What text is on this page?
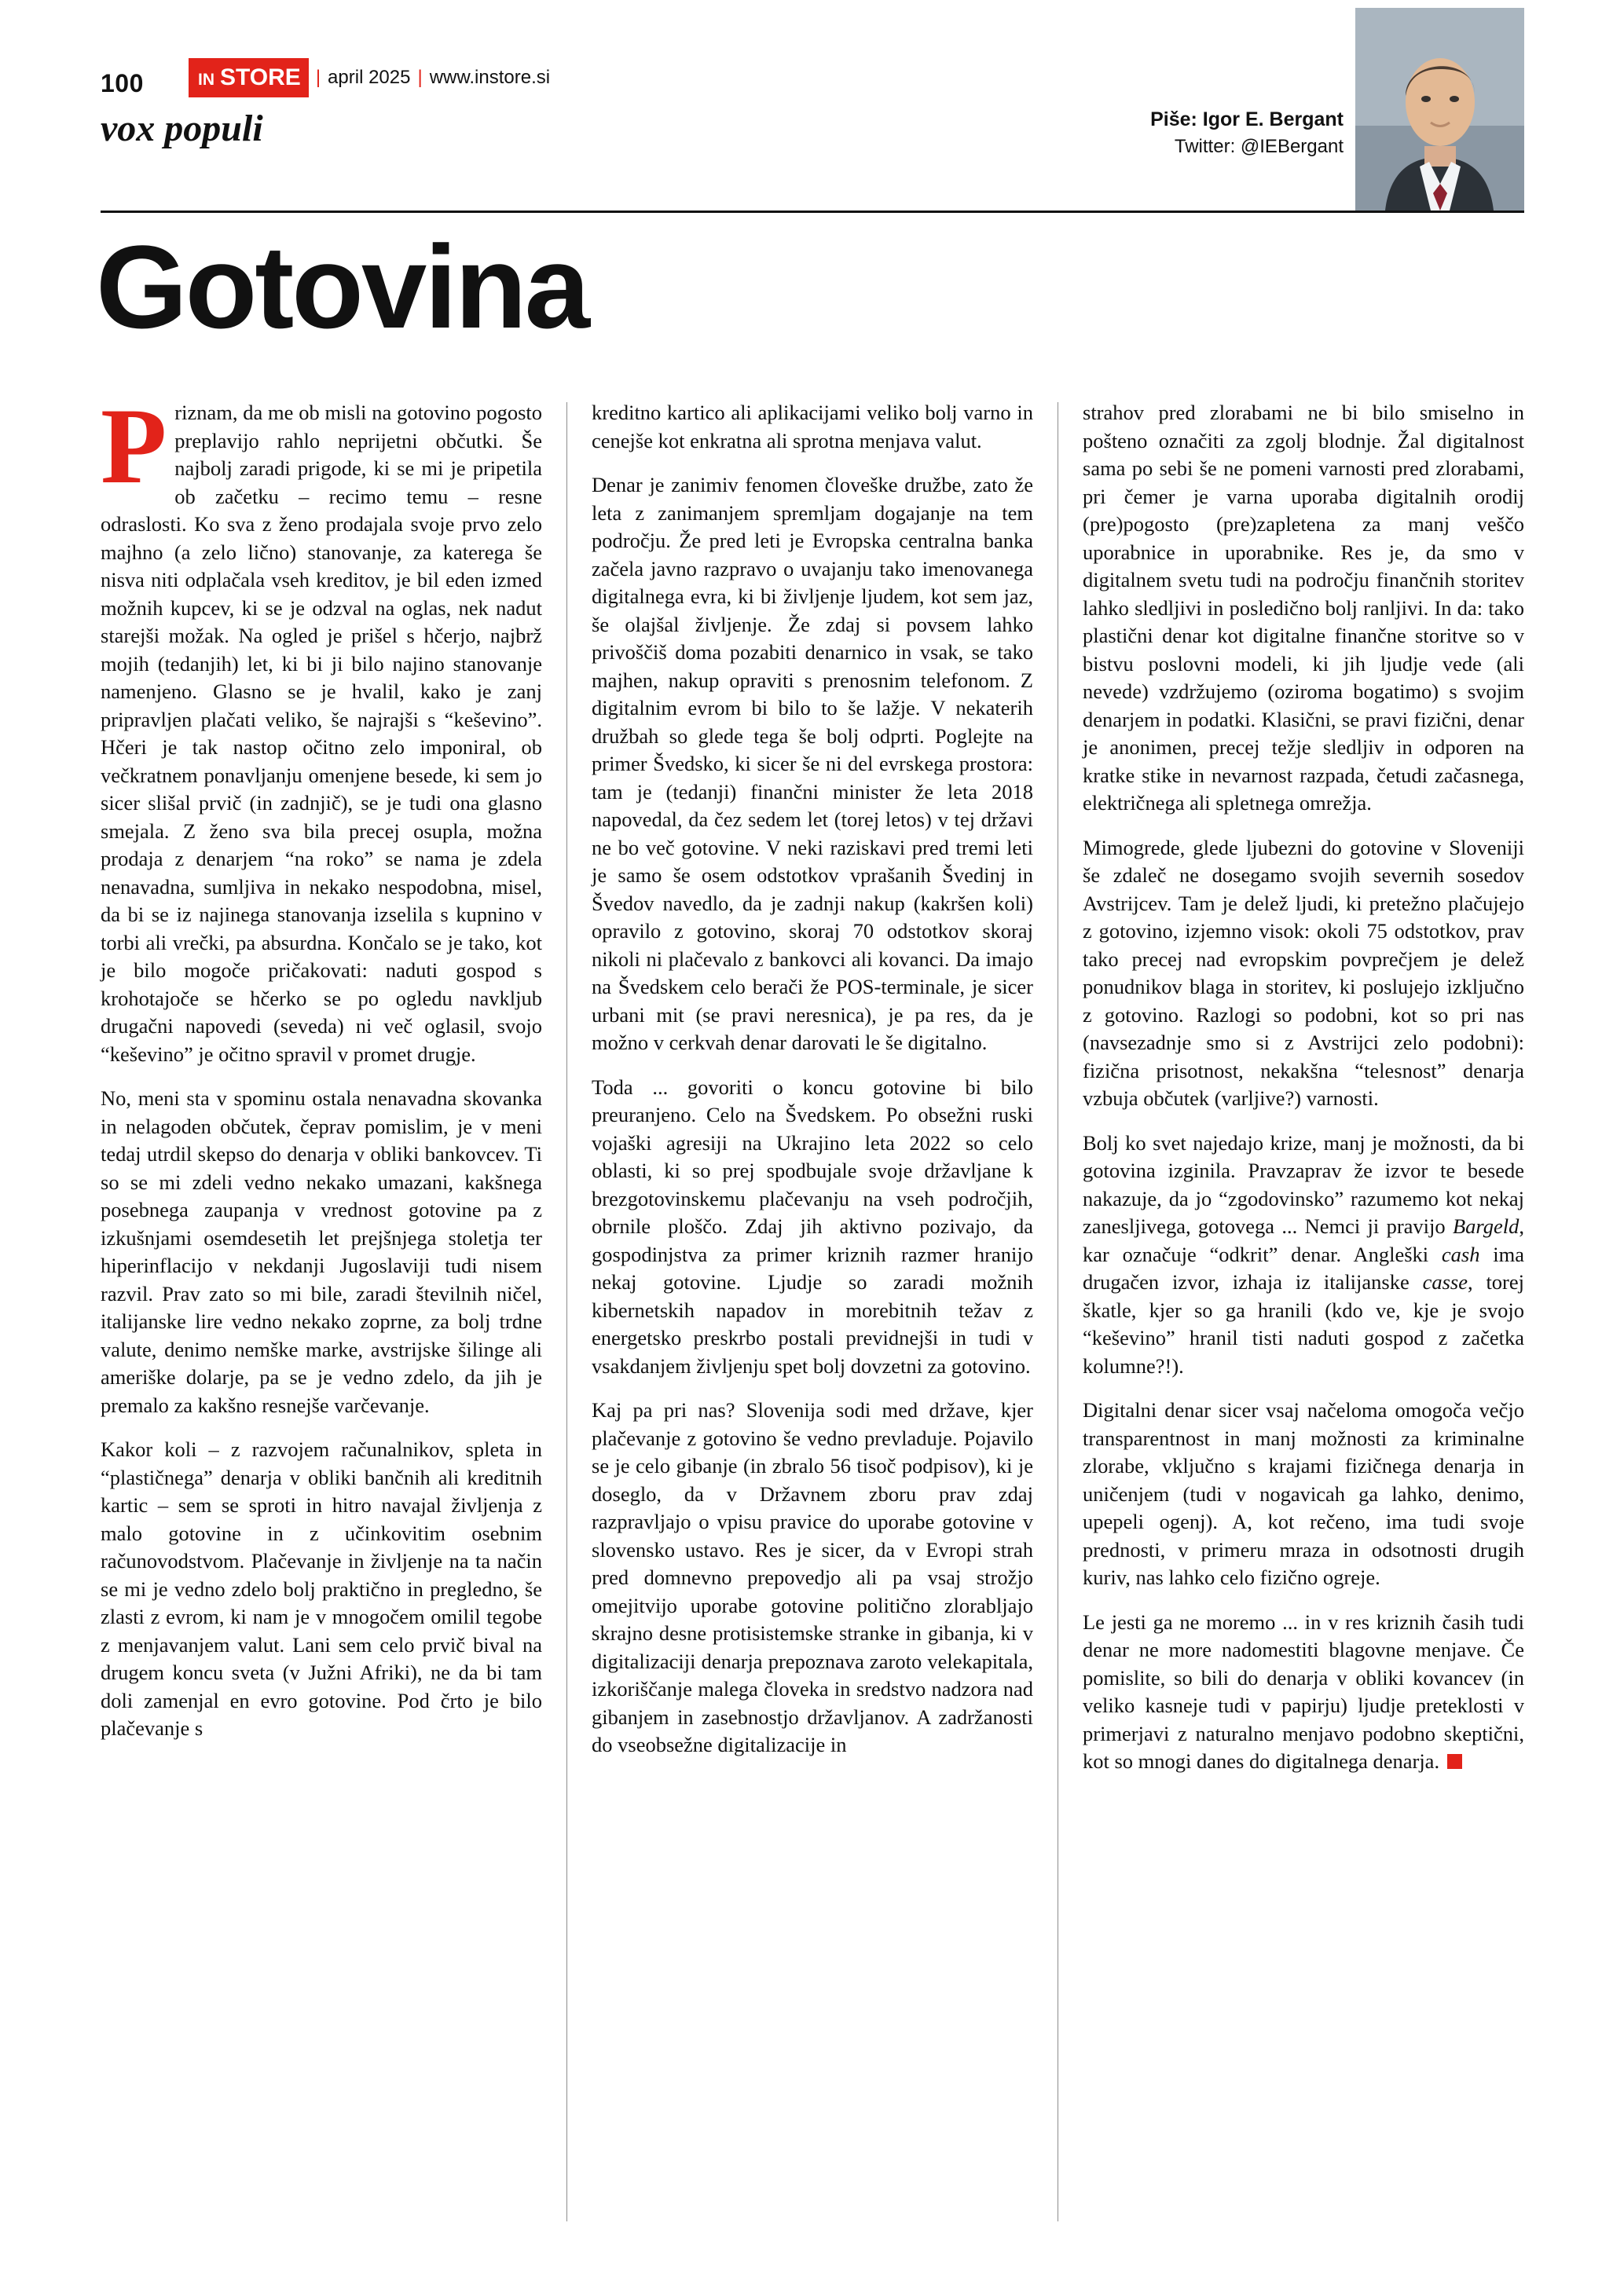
100	IN STORE | april 2025 | www.instore.si
vox populi	Piše: Igor E. Bergant
Twitter: @IEBergant
Gotovina

Priznam, da me ob misli na gotovino pogosto preplavijo rahlo neprijetni občutki. Še najbolj zaradi prigode, ki se mi je pripetila ob začetku – recimo temu – resne odraslosti. Ko sva z ženo prodajala svoje prvo zelo majhno (a zelo lično) stanovanje, za katerega še nisva niti odplačala vseh kreditov, je bil eden izmed možnih kupcev, ki se je odzval na oglas, nek nadut starejši možak. Na ogled je prišel s hčerjo, najbrž mojih (tedanjih) let, ki bi ji bilo najino stanovanje namenjeno. Glasno se je hvalil, kako je zanj pripravljen plačati veliko, še najrajši s “keševino”. Hčeri je tak nastop očitno zelo imponiral, ob večkratnem ponavljanju omenjene besede, ki sem jo sicer slišal prvič (in zadnjič), se je tudi ona glasno smejala. Z ženo sva bila precej osupla, možna prodaja z denarjem “na roko” se nama je zdela nenavadna, sumljiva in nekako nespodobna, misel, da bi se iz najinega stanovanja izselila s kupnino v torbi ali vrečki, pa absurdna. Končalo se je tako, kot je bilo mogoče pričakovati: naduti gospod s krohotajoče se hčerko se po ogledu navkljub drugačni napovedi (seveda) ni več oglasil, svojo “keševino” je očitno spravil v promet drugje.

No, meni sta v spominu ostala nenavadna skovanka in nelagoden občutek, čeprav pomislim, je v meni tedaj utrdil skepso do denarja v obliki bankovcev. Ti so se mi zdeli vedno nekako umazani, kakšnega posebnega zaupanja v vrednost gotovine pa z izkušnjami osemdesetih let prejšnjega stoletja ter hiperinflacijo v nekdanji Jugoslaviji tudi nisem razvil. Prav zato so mi bile, zaradi številnih ničel, italijanske lire vedno nekako zoprne, za bolj trdne valute, denimo nemške marke, avstrijske šilinge ali ameriške dolarje, pa se je vedno zdelo, da jih je premalo za kakšno resnejše varčevanje.

Kakor koli – z razvojem računalnikov, spleta in “plastičnega” denarja v obliki bančnih ali kreditnih kartic – sem se sproti in hitro navajal življenja z malo gotovine in z učinkovitim osebnim računovodstvom. Plačevanje in življenje na ta način se mi je vedno zdelo bolj praktično in pregledno, še zlasti z evrom, ki nam je v mnogočem omilil tegobe z menjavanjem valut. Lani sem celo prvič bival na drugem koncu sveta (v Južni Afriki), ne da bi tam doli zamenjal en evro gotovine. Pod črto je bilo plačevanje s

kreditno kartico ali aplikacijami veliko bolj varno in cenejše kot enkratna ali sprotna menjava valut.

Denar je zanimiv fenomen človeške družbe, zato že leta z zanimanjem spremljam dogajanje na tem področju. Že pred leti je Evropska centralna banka začela javno razpravo o uvajanju tako imenovanega digitalnega evra, ki bi življenje ljudem, kot sem jaz, še olajšal življenje. Že zdaj si povsem lahko privoščiš doma pozabiti denarnico in vsak, se tako majhen, nakup opraviti s prenosnim telefonom. Z digitalnim evrom bi bilo to še lažje. V nekaterih družbah so glede tega še bolj odprti. Poglejte na primer Švedsko, ki sicer še ni del evrskega prostora: tam je (tedanji) finančni minister že leta 2018 napovedal, da čez sedem let (torej letos) v tej državi ne bo več gotovine. V neki raziskavi pred tremi leti je samo še osem odstotkov vprašanih Švedinj in Švedov navedlo, da je zadnji nakup (kakršen koli) opravilo z gotovino, skoraj 70 odstotkov skoraj nikoli ni plačevalo z bankovci ali kovanci. Da imajo na Švedskem celo berači že POS-terminale, je sicer urbani mit (se pravi neresnica), je pa res, da je možno v cerkvah denar darovati le še digitalno.

Toda ... govoriti o koncu gotovine bi bilo preuranjeno. Celo na Švedskem. Po obsežni ruski vojaški agresiji na Ukrajino leta 2022 so celo oblasti, ki so prej spodbujale svoje državljane k brezgotovinskemu plačevanju na vseh področjih, obrnile ploščo. Zdaj jih aktivno pozivajo, da gospodinjstva za primer kriznih razmer hranijo nekaj gotovine. Ljudje so zaradi možnih kibernetskih napadov in morebitnih težav z energetsko preskrbo postali previdnejši in tudi v vsakdanjem življenju spet bolj dovzetni za gotovino.

Kaj pa pri nas? Slovenija sodi med države, kjer plačevanje z gotovino še vedno prevladuje. Pojavilo se je celo gibanje (in zbralo 56 tisoč podpisov), ki je doseglo, da v Državnem zboru prav zdaj razpravljajo o vpisu pravice do uporabe gotovine v slovensko ustavo. Res je sicer, da v Evropi strah pred domnevno prepovedjo ali pa vsaj strožjo omejitvijo uporabe gotovine politično zlorabljajo skrajno desne protisistemske stranke in gibanja, ki v digitalizaciji denarja prepoznava zaroto velekapitala, izkoriščanje malega človeka in sredstvo nadzora nad gibanjem in zasebnostjo državljanov. A zadržanosti do vseobsežne digitalizacije in

strahov pred zlorabami ne bi bilo smiselno in pošteno označiti za zgolj blodnje. Žal digitalnost sama po sebi še ne pomeni varnosti pred zlorabami, pri čemer je varna uporaba digitalnih orodij (pre)pogosto (pre)zapletena za manj veščo uporabnice in uporabnike. Res je, da smo v digitalnem svetu tudi na področju finančnih storitev lahko sledljivi in posledično bolj ranljivi. In da: tako plastični denar kot digitalne finančne storitve so v bistvu poslovni modeli, ki jih ljudje vede (ali nevede) vzdržujemo (oziroma bogatimo) s svojim denarjem in podatki. Klasični, se pravi fizični, denar je anonimen, precej težje sledljiv in odporen na kratke stike in nevarnost razpada, četudi začasnega, električnega ali spletnega omrežja.

Mimogrede, glede ljubezni do gotovine v Sloveniji še zdaleč ne dosegamo svojih severnih sosedov Avstrijcev. Tam je delež ljudi, ki pretežno plačujejo z gotovino, izjemno visok: okoli 75 odstotkov, prav tako precej nad evropskim povprečjem je delež ponudnikov blaga in storitev, ki poslujejo izključno z gotovino. Razlogi so podobni, kot so pri nas (navsezadnje smo si z Avstrijci zelo podobni): fizična prisotnost, nekakšna “telesnost” denarja vzbuja občutek (varljive?) varnosti.

Bolj ko svet najedajo krize, manj je možnosti, da bi gotovina izginila. Pravzaprav že izvor te besede nakazuje, da jo “zgodovinsko” razumemo kot nekaj zanesljivega, gotovega ... Nemci ji pravijo Bargeld, kar označuje “odkrit” denar. Angleški cash ima drugačen izvor, izhaja iz italijanske casse, torej škatle, kjer so ga hranili (kdo ve, kje je svojo “keševino” hranil tisti naduti gospod z začetka kolumne?!).

Digitalni denar sicer vsaj načeloma omogoča večjo transparentnost in manj možnosti za kriminalne zlorabe, vključno s krajami fizičnega denarja in uničenjem (tudi v nogavicah ga lahko, denimo, upepeli ogenj). A, kot rečeno, ima tudi svoje prednosti, v primeru mraza in odsotnosti drugih kuriv, nas lahko celo fizično ogreje.

Le jesti ga ne moremo ... in v res kriznih časih tudi denar ne more nadomestiti blagovne menjave. Če pomislite, so bili do denarja v obliki kovancev (in veliko kasneje tudi v papirju) ljudje preteklosti v primerjavi z naturalno menjavo podobno skeptični, kot so mnogi danes do digitalnega denarja.
